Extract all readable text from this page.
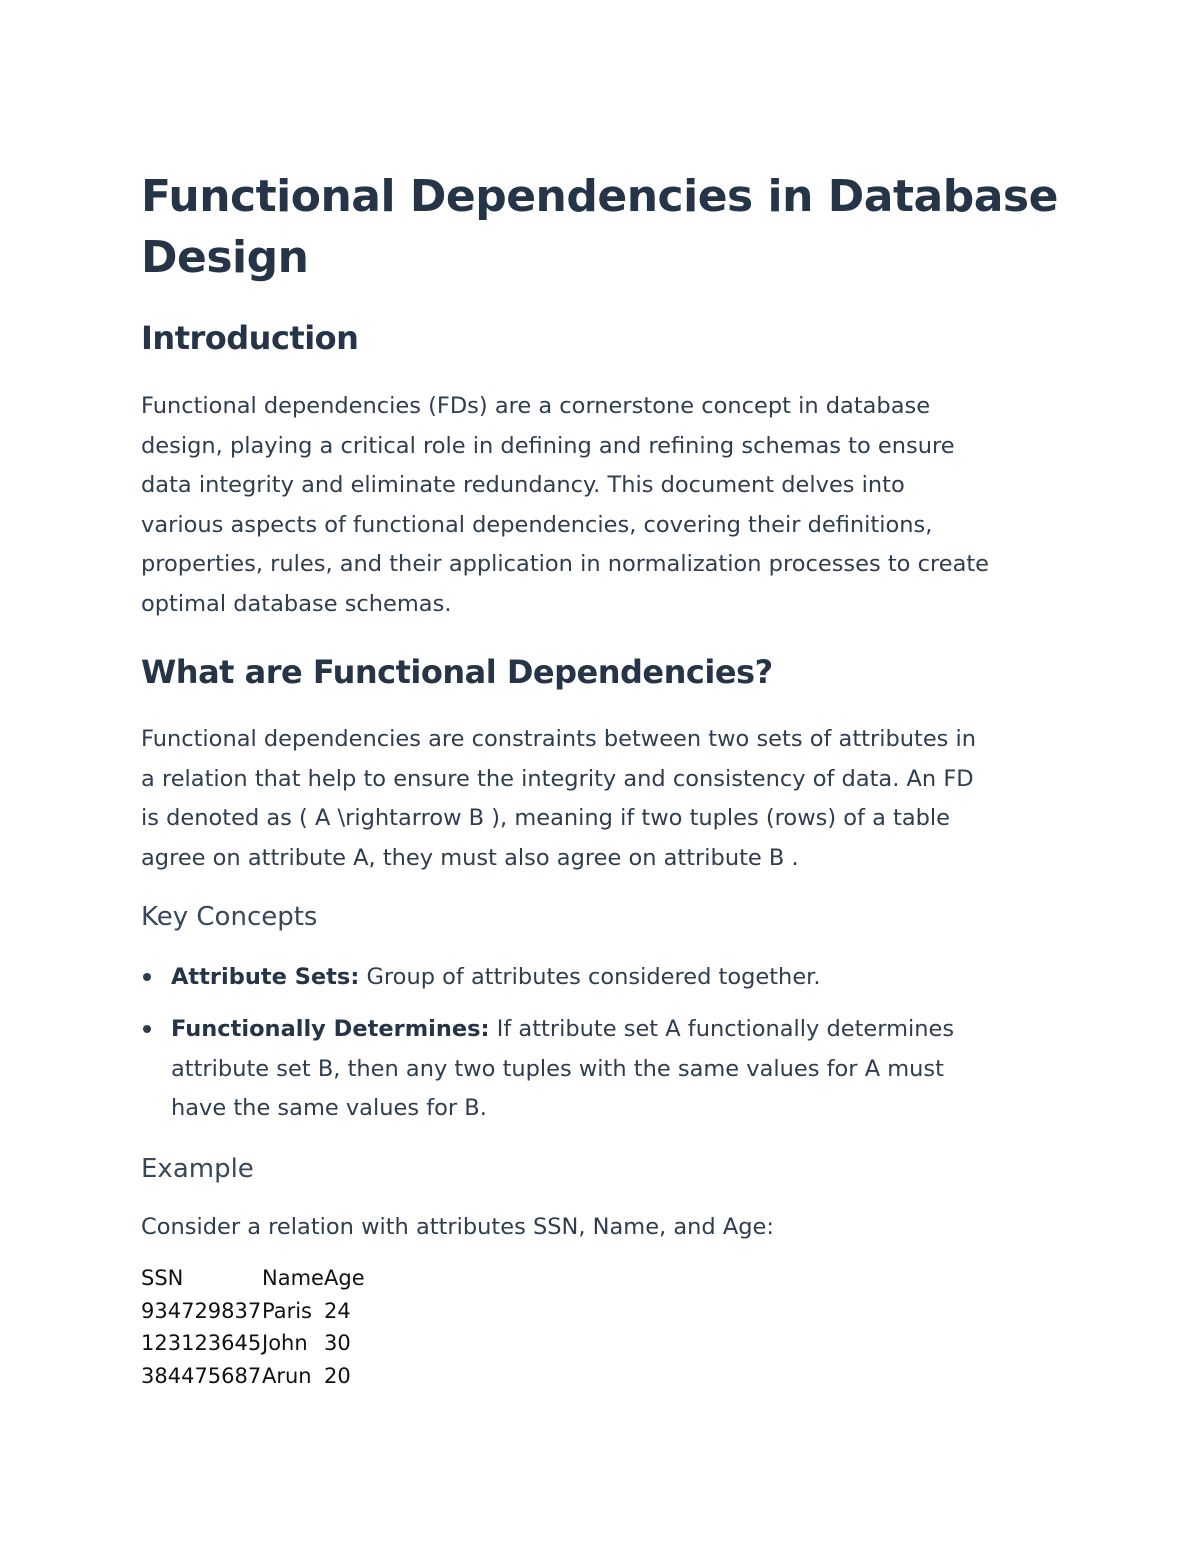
Functional Dependencies in Database
Design
Introduction

Functional dependencies (FDs) are a cornerstone concept in database
design, playing a critical role in defining and refining schemas to ensure
data integrity and eliminate redundancy. This document delves into
various aspects of functional dependencies, covering their definitions,
properties, rules, and their application in normalization processes to create
optimal database schemas.

What are Functional Dependencies?

Functional dependencies are constraints between two sets of attributes in
a relation that help to ensure the integrity and consistency of data. An FD
is denoted as ( A \rightarrow B ), meaning if two tuples (rows) of a table
agree on attribute A, they must also agree on attribute B .

Key Concepts
Attribute Sets: Group of attributes considered together.
Functionally Determines: If attribute set A functionally determines
attribute set B, then any two tuples with the same values for A must
have the same values for B.
Example

Consider a relation with attributes SSN, Name, and Age:

SSN	Name	Age
934729837	Paris	24
123123645	John	30
384475687	Arun	20
